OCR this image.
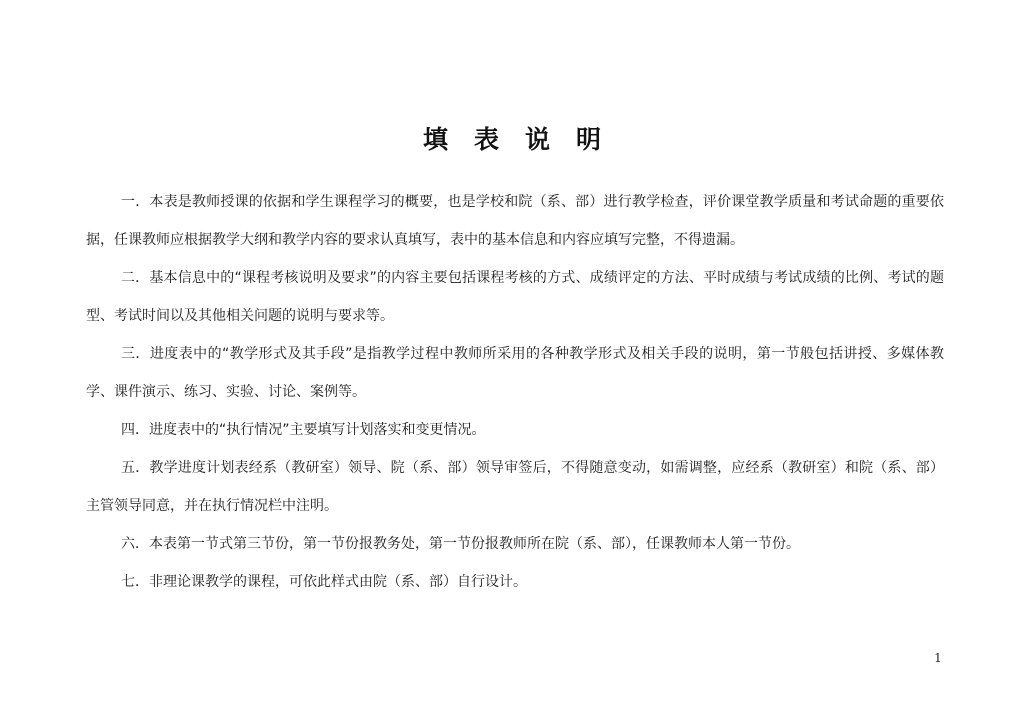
填表说明

一．本表是教师授课的依据和学生课程学习的概要，也是学校和院（系、部）进行教学检查，评价课堂教学质量和考试命题的重要依据，任课教师应根据教学大纲和教学内容的要求认真填写，表中的基本信息和内容应填写完整，不得遗漏。

二．基本信息中的“课程考核说明及要求”的内容主要包括课程考核的方式、成绩评定的方法、平时成绩与考试成绩的比例、考试的题型、考试时间以及其他相关问题的说明与要求等。

三．进度表中的“教学形式及其手段”是指教学过程中教师所采用的各种教学形式及相关手段的说明，第一节般包括讲授、多媒体教学、课件演示、练习、实验、讨论、案例等。

四．进度表中的“执行情况”主要填写计划落实和变更情况。

五．教学进度计划表经系（教研室）领导、院（系、部）领导审签后，不得随意变动，如需调整，应经系（教研室）和院（系、部）主管领导同意，并在执行情况栏中注明。

六．本表第一节式第三节份，第一节份报教务处，第一节份报教师所在院（系、部），任课教师本人第一节份。

七．非理论课教学的课程，可依此样式由院（系、部）自行设计。

1
